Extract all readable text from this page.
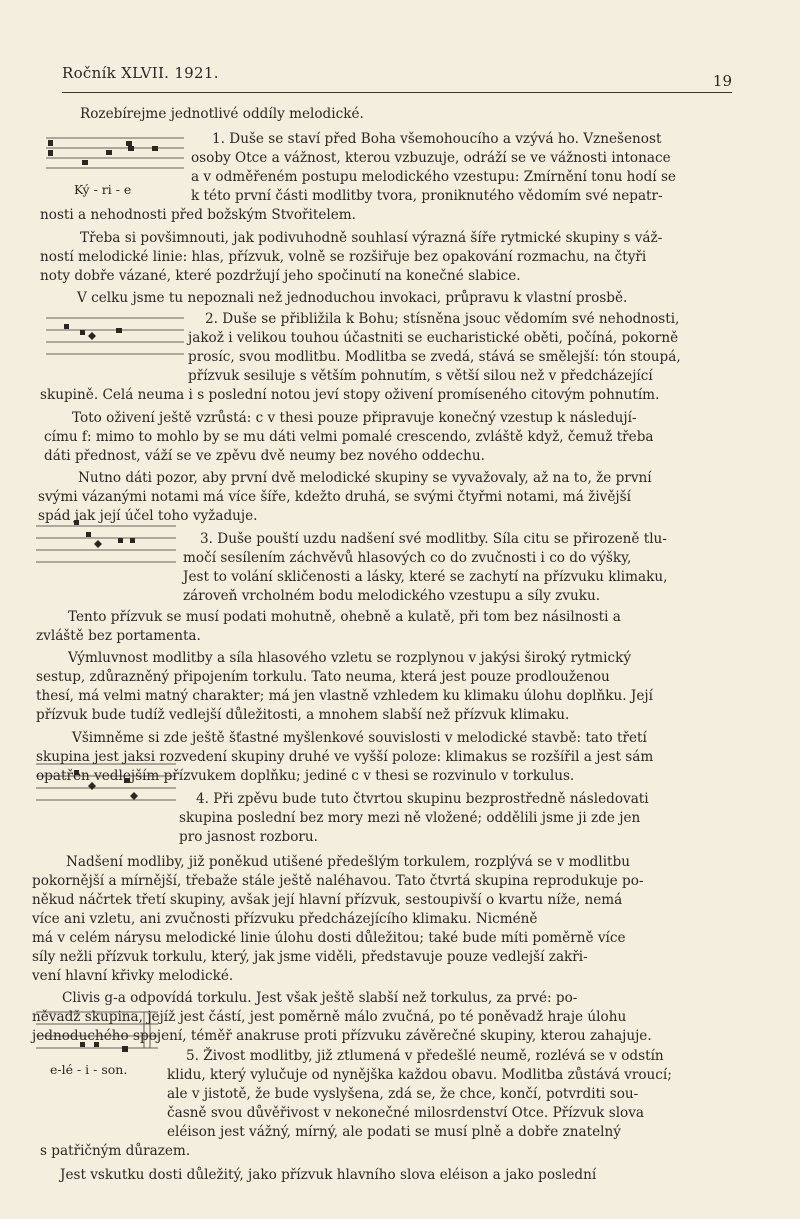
Ročník XLVII. 1921.	19
Ký - ri - e
e-lé - i - son.
Rozebírejme jednotlivé oddíly melodické.
1. Duše se staví před Boha všemohoucího a vzývá ho. Vznešenost
osoby Otce a vážnost, kterou vzbuzuje, odráží se ve vážnosti intonace
a v odměřeném postupu melodického vzestupu: Zmírnění tonu hodí se
k této první části modlitby tvora, proniknutého vědomím své nepatr-
nosti a nehodnosti před božským Stvořitelem.
Třeba si povšimnouti, jak podivuhodně souhlasí výrazná šíře rytmické skupiny s váž-
ností melodické linie: hlas, přízvuk, volně se rozšiřuje bez opakování rozmachu, na čtyři
noty dobře vázané, které pozdržují jeho spočinutí na konečné slabice.
V celku jsme tu nepoznali než jednoduchou invokaci, průpravu k vlastní prosbě.
2. Duše se přibližila k Bohu; stísněna jsouc vědomím své nehodnosti,
jakož i velikou touhou účastniti se eucharistické oběti, počíná, pokorně
prosíc, svou modlitbu. Modlitba se zvedá, stává se smělejší: tón stoupá,
přízvuk sesiluje s větším pohnutím, s větší silou než v předcházející
skupině. Celá neuma i s poslední notou jeví stopy oživení promíseného citovým pohnutím.
Toto oživení ještě vzrůstá: c v thesi pouze připravuje konečný vzestup k následují-
címu f: mimo to mohlo by se mu dáti velmi pomalé crescendo, zvláště když, čemuž třeba
dáti přednost, váží se ve zpěvu dvě neumy bez nového oddechu.
Nutno dáti pozor, aby první dvě melodické skupiny se vyvažovaly, až na to, že první
svými vázanými notami má více šíře, kdežto druhá, se svými čtyřmi notami, má živější
spád jak její účel toho vyžaduje.
3. Duše pouští uzdu nadšení své modlitby. Síla citu se přirozeně tlu-
močí sesílením záchvěvů hlasových co do zvučnosti i co do výšky,
Jest to volání skličenosti a lásky, které se zachytí na přízvuku klimaku,
zároveň vrcholném bodu melodického vzestupu a síly zvuku.
Tento přízvuk se musí podati mohutně, ohebně a kulatě, při tom bez násilnosti a
zvláště bez portamenta.
Výmluvnost modlitby a síla hlasového vzletu se rozplynou v jakýsi široký rytmický
sestup, zdůrazněný připojením torkulu. Tato neuma, která jest pouze prodlouženou
thesí, má velmi matný charakter; má jen vlastně vzhledem ku klimaku úlohu doplňku. Její
přízvuk bude tudíž vedlejší důležitosti, a mnohem slabší než přízvuk klimaku.
Všimněme si zde ještě šťastné myšlenkové souvislosti v melodické stavbě: tato třetí
skupina jest jaksi rozvedení skupiny druhé ve vyšší poloze: klimakus se rozšířil a jest sám
opatřen vedlejším přízvukem doplňku; jediné c v thesi se rozvinulo v torkulus.
4. Při zpěvu bude tuto čtvrtou skupinu bezprostředně následovati
skupina poslední bez mory mezi ně vložené; oddělili jsme ji zde jen
pro jasnost rozboru.
Nadšení modliby, již poněkud utišené předešlým torkulem, rozplývá se v modlitbu
pokornější a mírnější, třebaže stále ještě naléhavou. Tato čtvrtá skupina reprodukuje po-
někud náčrtek třetí skupiny, avšak její hlavní přízvuk, sestoupivší o kvartu níže, nemá
více ani vzletu, ani zvučnosti přízvuku předcházejícího klimaku. Nicméně
má v celém nárysu melodické linie úlohu dosti důležitou; také bude míti poměrně více
síly nežli přízvuk torkulu, který, jak jsme viděli, představuje pouze vedlejší zakři-
vení hlavní křivky melodické.
Clivis g-a odpovídá torkulu. Jest však ještě slabší než torkulus, za prvé: po-
něvadž skupina, jejíž jest částí, jest poměrně málo zvučná, po té poněvadž hraje úlohu
jednoduchého spojení, téměř anakruse proti přízvuku závěrečné skupiny, kterou zahajuje.
5. Živost modlitby, již ztlumená v předešlé neumě, rozlévá se v odstín
klidu, který vylučuje od nynějška každou obavu. Modlitba zůstává vroucí;
ale v jistotě, že bude vyslyšena, zdá se, že chce, končí, potvrditi sou-
časně svou důvěřivost v nekonečné milosrdenství Otce. Přízvuk slova
eléison jest vážný, mírný, ale podati se musí plně a dobře znatelný
s patřičným důrazem.
Jest vskutku dosti důležitý, jako přízvuk hlavního slova eléison a jako poslední
